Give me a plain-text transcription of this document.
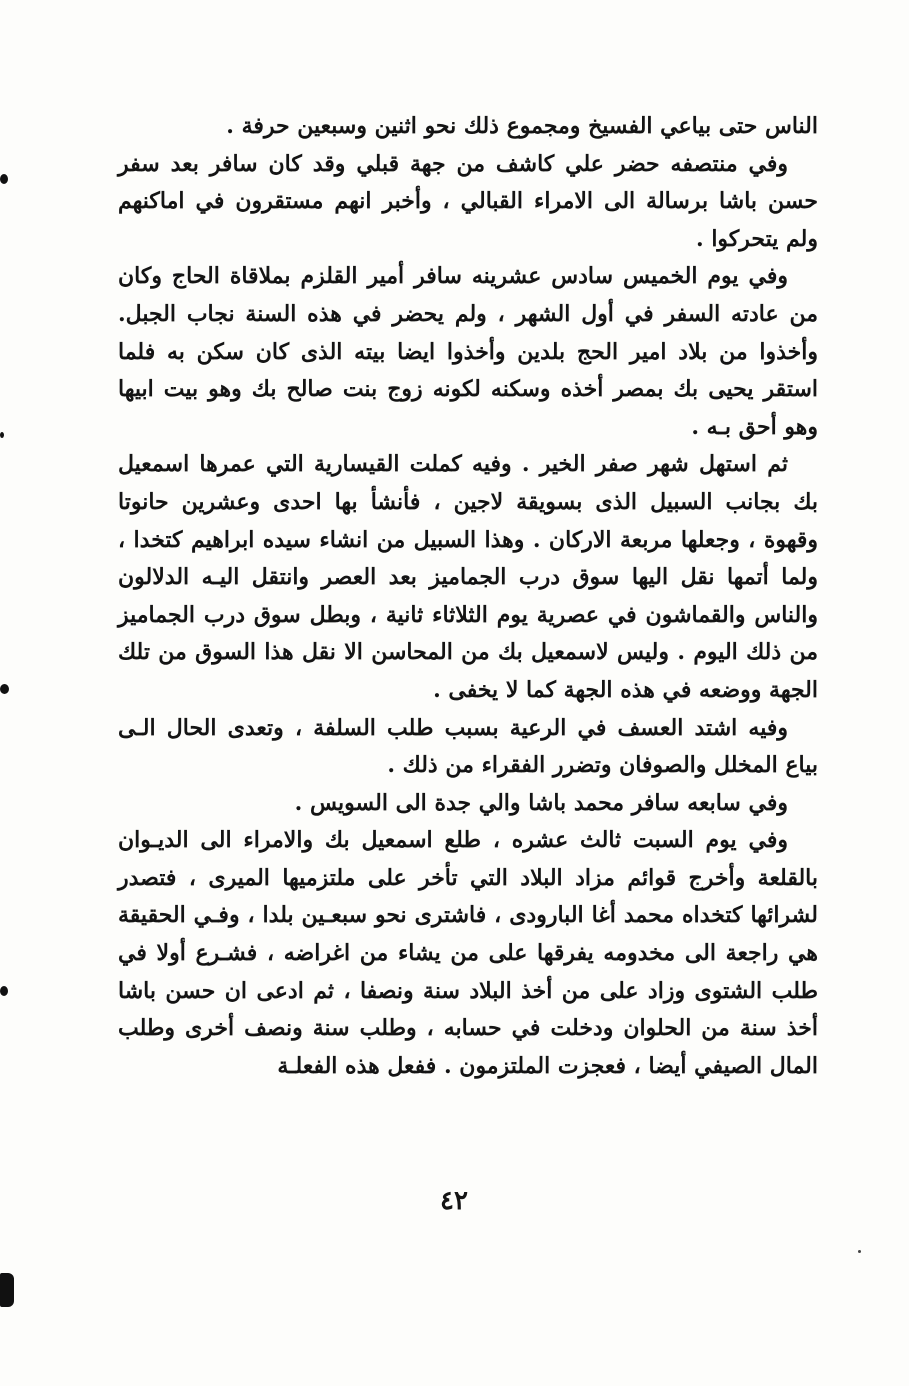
الناس حتى بياعي الفسيخ ومجموع ذلك نحو اثنين وسبعين حرفة .

وفي منتصفه حضر علي كاشف من جهة قبلي وقد كان سافر بعد سفر حسن باشا برسالة الى الامراء القبالي ، وأخبر انهم مستقرون في اماكنهم ولم يتحركوا .

وفي يوم الخميس سادس عشرينه سافر أمير القلزم بملاقاة الحاج وكان من عادته السفر في أول الشهر ، ولم يحضر في هذه السنة نجاب الجبل. وأخذوا من بلاد امير الحج بلدين وأخذوا ايضا بيته الذى كان سكن به فلما استقر يحيى بك بمصر أخذه وسكنه لكونه زوج بنت صالح بك وهو بيت ابيها وهو أحق بـه .

ثم استهل شهر صفر الخير . وفيه كملت القيسارية التي عمرها اسمعيل بك بجانب السبيل الذى بسويقة لاجين ، فأنشأ بها احدى وعشرين حانوتا وقهوة ، وجعلها مربعة الاركان . وهذا السبيل من انشاء سيده ابراهيم كتخدا ، ولما أتمها نقل اليها سوق درب الجماميز بعد العصر وانتقل اليـه الدلالون والناس والقماشون في عصرية يوم الثلاثاء ثانية ، وبطل سوق درب الجماميز من ذلك اليوم . وليس لاسمعيل بك من المحاسن الا نقل هذا السوق من تلك الجهة ووضعه في هذه الجهة كما لا يخفى .

وفيه اشتد العسف في الرعية بسبب طلب السلفة ، وتعدى الحال الـى بياع المخلل والصوفان وتضرر الفقراء من ذلك .

وفي سابعه سافر محمد باشا والي جدة الى السويس .

وفي يوم السبت ثالث عشره ، طلع اسمعيل بك والامراء الى الديـوان بالقلعة وأخرج قوائم مزاد البلاد التي تأخر على ملتزميها الميرى ، فتصدر لشرائها كتخداه محمد أغا البارودى ، فاشترى نحو سبعـين بلدا ، وفـي الحقيقة هي راجعة الى مخدومه يفرقها على من يشاء من اغراضه ، فشـرع أولا في طلب الشتوى وزاد على من أخذ البلاد سنة ونصفا ، ثم ادعى ان حسن باشا أخذ سنة من الحلوان ودخلت في حسابه ، وطلب سنة ونصف أخرى وطلب المال الصيفي أيضا ، فعجزت الملتزمون . ففعل هذه الفعلـة

٤٢
